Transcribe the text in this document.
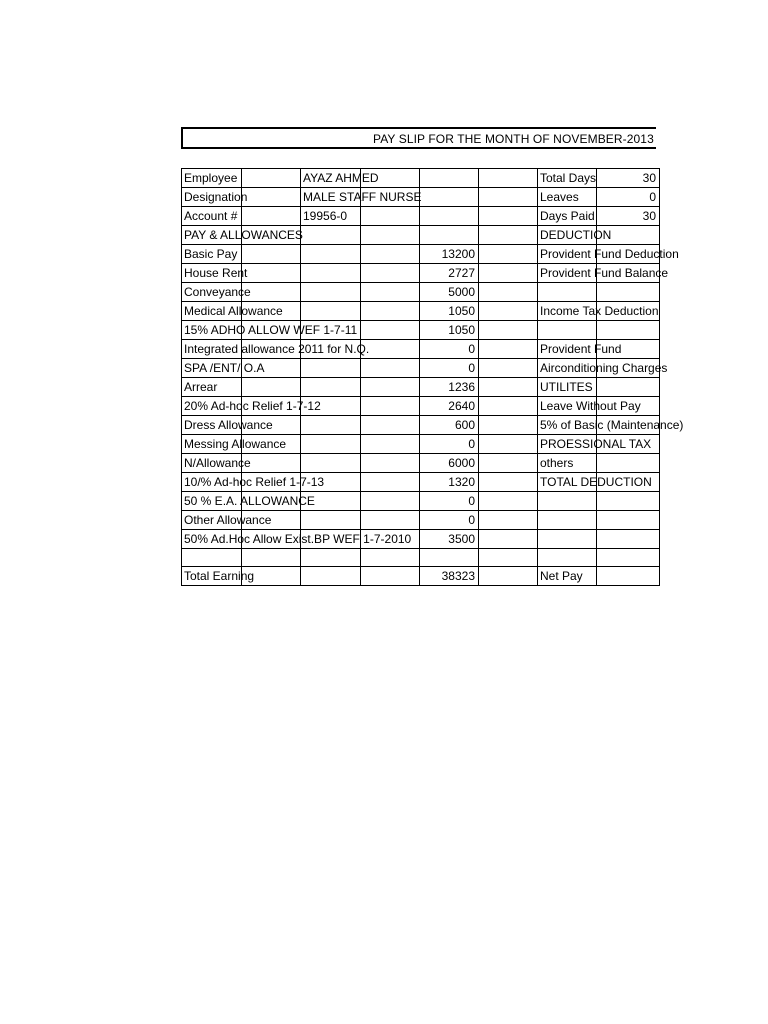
PAY SLIP FOR THE MONTH OF NOVEMBER-2013
Employee		AYAZ AHMED				Total Days	30
Designation		MALE STAFF NURSE				Leaves	0
Account #		19956-0				Days Paid	30
PAY & ALLOWANCES						DEDUCTION	
Basic Pay				13200		Provident Fund Deduction	
House Rent				2727		Provident Fund Balance	
Conveyance				5000			
Medical Allowance				1050		Income Tax Deduction	
15% ADHO ALLOW WEF 1-7-11				1050			
Integrated allowance 2011 for N.Q.				0		Provident Fund	
SPA /ENT/ O.A				0		Airconditioning Charges	
Arrear				1236		UTILITES	
20% Ad-hoc Relief 1-7-12				2640		Leave Without Pay	
Dress Allowance				600		5% of Basic (Maintenance)	
Messing Allowance				0		PROESSIONAL TAX	
N/Allowance				6000		others	
10/% Ad-hoc Relief 1-7-13				1320		TOTAL DEDUCTION	
50 % E.A. ALLOWANCE				0			
Other Allowance				0			
50% Ad.Hoc Allow Exist.BP WEF 1-7-2010				3500			

Total Earning				38323		Net Pay	
